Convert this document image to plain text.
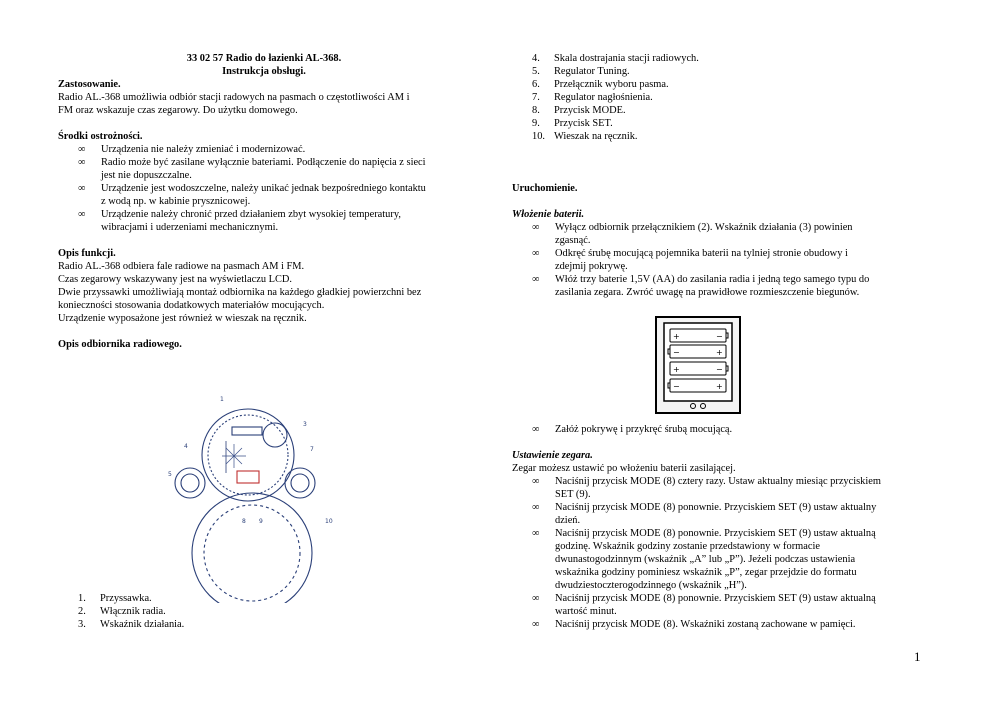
33 02 57 Radio do łazienki AL-368.

Instrukcja obsługi.

Zastosowanie.

Radio AL.-368 umożliwia odbiór stacji radowych na pasmach o częstotliwości AM i

FM oraz wskazuje czas zegarowy. Do użytku domowego.

Środki ostrożności.

∞	Urządzenia nie należy zmieniać i modernizować.
∞	Radio może być zasilane wyłącznie bateriami. Podłączenie do napięcia z sieci
jest nie dopuszczalne.
∞	Urządzenie jest wodoszczelne, należy unikać jednak bezpośredniego kontaktu
z wodą np. w kabinie prysznicowej.
∞	Urządzenie należy chronić przed działaniem zbyt wysokiej temperatury,
wibracjami i uderzeniami mechanicznymi.

Opis funkcji.

Radio AL.-368 odbiera fale radiowe na pasmach AM i FM.

Czas zegarowy wskazywany jest na wyświetlaczu LCD.

Dwie przyssawki umożliwiają montaż odbiornika na każdego gładkiej powierzchni bez

konieczności stosowania dodatkowych materiałów mocujących.

Urządzenie wyposażone jest również w wieszak na ręcznik.

Opis odbiornika radiowego.

1
3
7
4
5
8 9	10
1.	Przyssawka.
2.	Włącznik radia.
3.	Wskaźnik działania.
4.	Skala dostrajania stacji radiowych.
5.	Regulator Tuning.
6.	Przełącznik wyboru pasma.
7.	Regulator nagłośnienia.
8.	Przycisk MODE.
9.	Przycisk SET.
10. Wieszak na ręcznik.

Uruchomienie.

Włożenie baterii.

∞	Wyłącz odbiornik przełącznikiem (2). Wskaźnik działania (3) powinien
zgasnąć.
∞	Odkręć śrubę mocującą pojemnika baterii na tylniej stronie obudowy i
zdejmij pokrywę.
∞	Włóż trzy baterie 1,5V (AA) do zasilania radia i jedną tego samego typu do
zasilania zegara. Zwróć uwagę na prawidłowe rozmieszczenie biegunów.
+	−
−	+
+	−
−	+
∞	Załóż pokrywę i przykręć śrubą mocującą.

Ustawienie zegara.

Zegar możesz ustawić po włożeniu baterii zasilającej.

∞	Naciśnij przycisk MODE (8) cztery razy. Ustaw aktualny miesiąc przyciskiem
SET (9).
∞	Naciśnij przycisk MODE (8) ponownie. Przyciskiem SET (9) ustaw aktualny
dzień.
∞	Naciśnij przycisk MODE (8) ponownie. Przyciskiem SET (9) ustaw aktualną
godzinę. Wskaźnik godziny zostanie przedstawiony w formacie
dwunastogodzinnym (wskaźnik „A” lub „P”). Jeżeli podczas ustawienia
wskaźnika godziny pominiesz wskaźnik „P”, zegar przejdzie do formatu
dwudziestoczterogodzinnego (wskaźnik „H”).
∞	Naciśnij przycisk MODE (8) ponownie. Przyciskiem SET (9) ustaw aktualną
wartość minut.
∞	Naciśnij przycisk MODE (8). Wskaźniki zostaną zachowane w pamięci.
1
